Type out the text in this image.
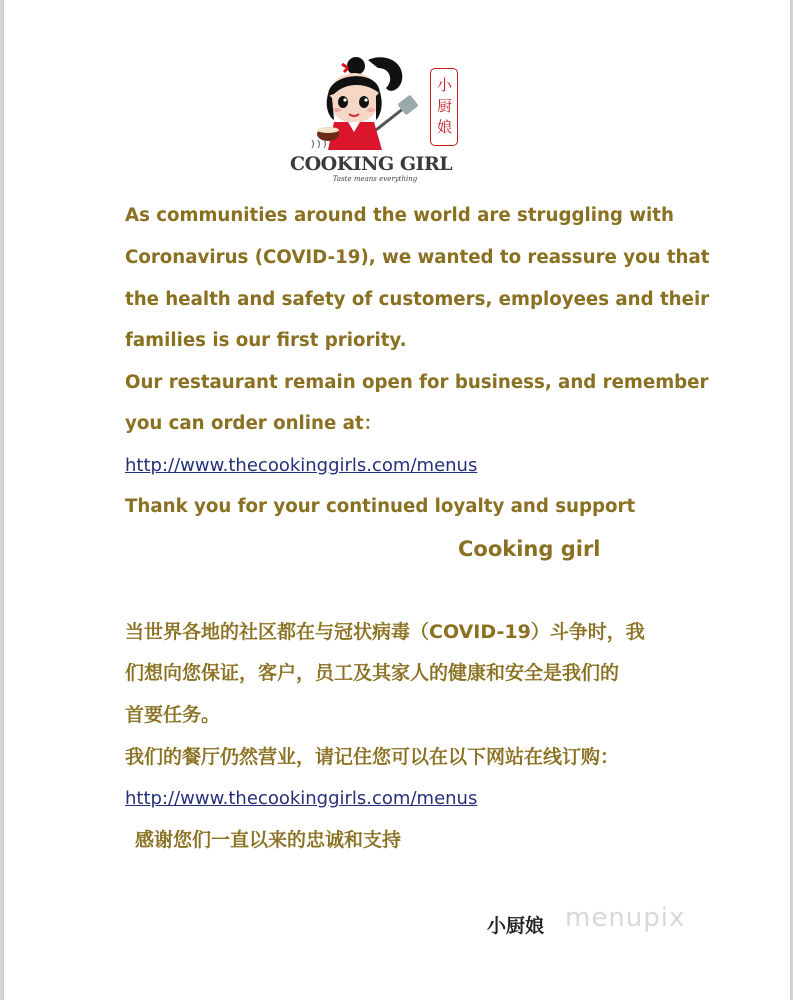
小厨娘
COOKING GIRL
Taste means everything
As communities around the world are struggling with
Coronavirus (COVID-19), we wanted to reassure you that
the health and safety of customers, employees and their
families is our first priority.
Our restaurant remain open for business, and remember
you can order online at：
http://www.thecookinggirls.com/menus
Thank you for your continued loyalty and support
Cooking girl
当世界各地的社区都在与冠状病毒（COVID-19）斗争时，我
们想向您保证，客户，员工及其家人的健康和安全是我们的
首要任务。
我们的餐厅仍然营业，请记住您可以在以下网站在线订购：
http://www.thecookinggirls.com/menus
感谢您们一直以来的忠诚和支持
小厨娘 menupix
